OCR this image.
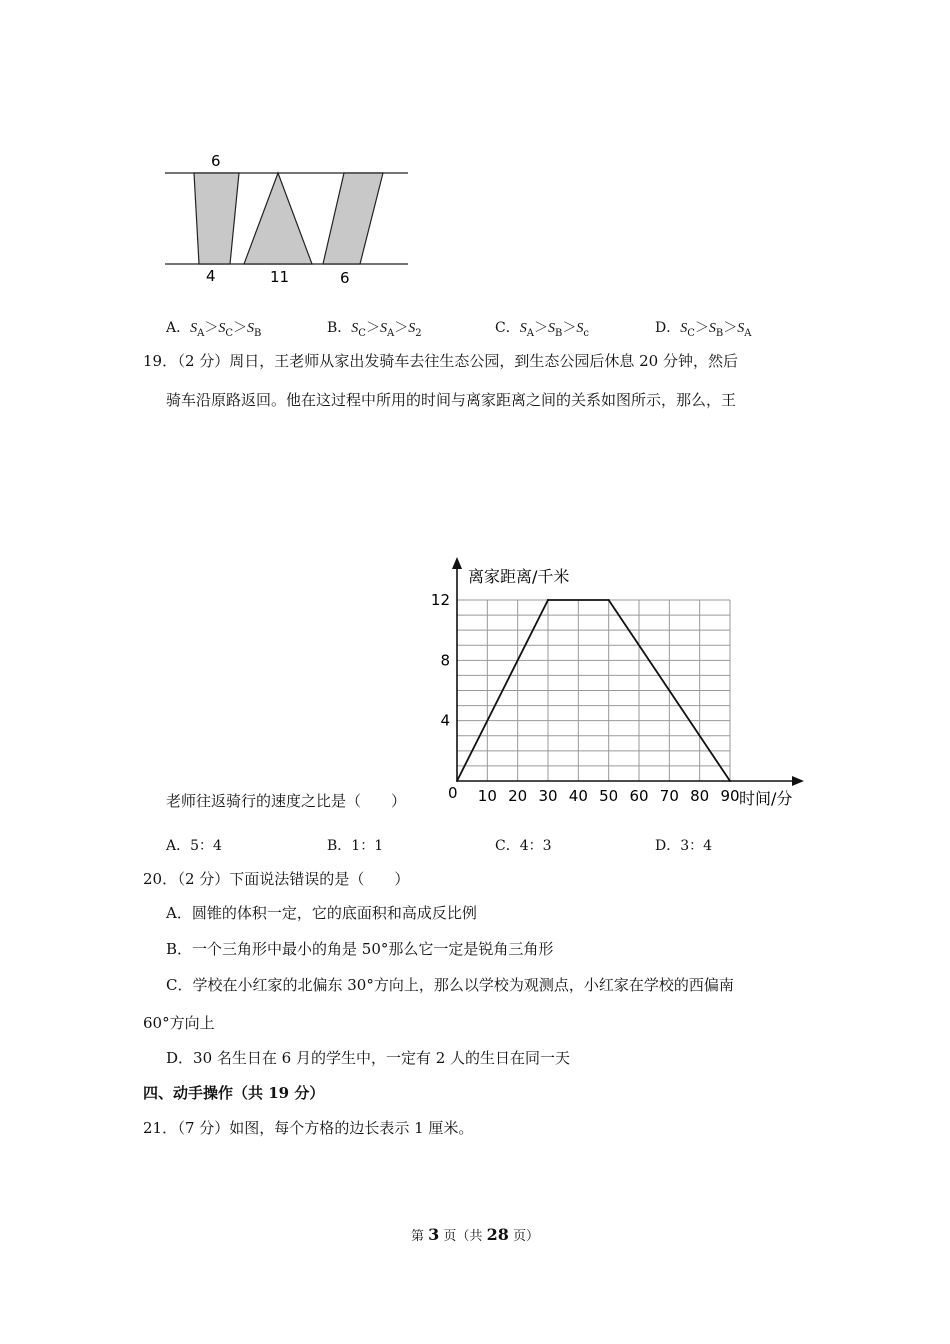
6
4	11	6
A．$S_A>S_C>S_B$	B．$S_C>S_A>S_2$	C．$S_A>S_B>S_c$	D．$S_C>S_B>S_A$
19．
（2 分）周日，王老师从家出发骑车去往生态公园，到生态公园后休息 20 分钟，然后
骑车沿原路返回。他在这过程中所用的时间与离家距离之间的关系如图所示，那么，王
老师往返骑行的速度之比是（　　）
离家距离/千米
时间/分
0 10 20 30 40 50 60 70 80 90
4
8
12
A．5：4	B．1：1	C．4：3	D．3：4
20．
（2 分）下面说法错误的是（　　）
A．圆锥的体积一定，它的底面积和高成反比例
B．一个三角形中最小的角是 50°那么它一定是锐角三角形
C．学校在小红家的北偏东 30°方向上，那么以学校为观测点，小红家在学校的西偏南
60°方向上
D．30 名生日在 6 月的学生中，一定有 2 人的生日在同一天
四、动手操作（共 19 分）
21．
（7 分）如图，每个方格的边长表示 1 厘米。
第 3 页（共 28 页）
